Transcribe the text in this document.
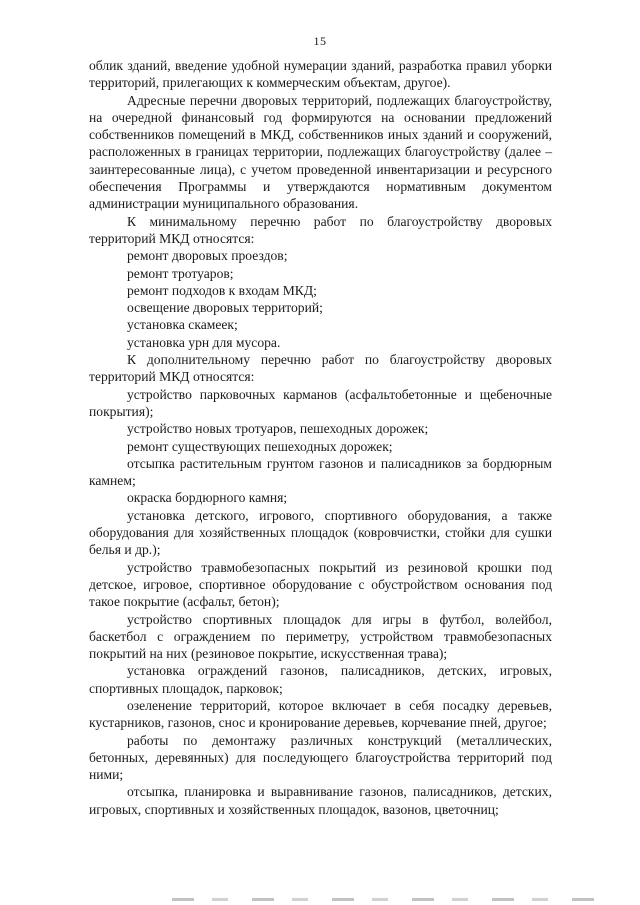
15

облик зданий, введение удобной нумерации зданий, разработка правил уборки территорий, прилегающих к коммерческим объектам, другое).

Адресные перечни дворовых территорий, подлежащих благоустройству, на очередной финансовый год формируются на основании предложений собственников помещений в МКД, собственников иных зданий и сооружений, расположенных в границах территории, подлежащих благоустройству (далее – заинтересованные лица), с учетом проведенной инвентаризации и ресурсного обеспечения Программы и утверждаются нормативным документом администрации муниципального образования.

К минимальному перечню работ по благоустройству дворовых территорий МКД относятся:

ремонт дворовых проездов;

ремонт тротуаров;

ремонт подходов к входам МКД;

освещение дворовых территорий;

установка скамеек;

установка урн для мусора.

К дополнительному перечню работ по благоустройству дворовых территорий МКД относятся:

устройство парковочных карманов (асфальтобетонные и щебеночные покрытия);

устройство новых тротуаров, пешеходных дорожек;

ремонт существующих пешеходных дорожек;

отсыпка растительным грунтом газонов и палисадников за бордюрным камнем;

окраска бордюрного камня;

установка детского, игрового, спортивного оборудования, а также оборудования для хозяйственных площадок (ковровчистки, стойки для сушки белья и др.);

устройство травмобезопасных покрытий из резиновой крошки под детское, игровое, спортивное оборудование с обустройством основания под такое покрытие (асфальт, бетон);

устройство спортивных площадок для игры в футбол, волейбол, баскетбол с ограждением по периметру, устройством травмобезопасных покрытий на них (резиновое покрытие, искусственная трава);

установка ограждений газонов, палисадников, детских, игровых, спортивных площадок, парковок;

озеленение территорий, которое включает в себя посадку деревьев, кустарников, газонов, снос и кронирование деревьев, корчевание пней, другое;

работы по демонтажу различных конструкций (металлических, бетонных, деревянных) для последующего благоустройства территорий под ними;

отсыпка, планировка и выравнивание газонов, палисадников, детских, игровых, спортивных и хозяйственных площадок, вазонов, цветочниц;
